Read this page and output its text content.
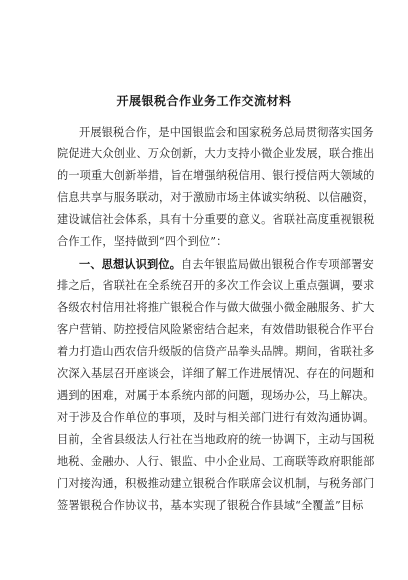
开展银税合作业务工作交流材料
开展银税合作，是中国银监会和国家税务总局贯彻落实国务
院促进大众创业、万众创新，大力支持小微企业发展，联合推出
的一项重大创新举措，旨在增强纳税信用、银行授信两大领域的
信息共享与服务联动，对于激励市场主体诚实纳税、以信融资，
建设诚信社会体系，具有十分重要的意义。省联社高度重视银税
合作工作，坚持做到“四个到位”：
一、思想认识到位。自去年银监局做出银税合作专项部署安
排之后，省联社在全系统召开的多次工作会议上重点强调，要求
各级农村信用社将推广银税合作与做大做强小微金融服务、扩大
客户营销、防控授信风险紧密结合起来，有效借助银税合作平台
着力打造山西农信升级版的信贷产品拳头品牌。期间，省联社多
次深入基层召开座谈会，详细了解工作进展情况、存在的问题和
遇到的困难，对属于本系统内部的问题，现场办公，马上解决。
对于涉及合作单位的事项，及时与相关部门进行有效沟通协调。
目前，全省县级法人行社在当地政府的统一协调下，主动与国税
地税、金融办、人行、银监、中小企业局、工商联等政府职能部
门对接沟通，积极推动建立银税合作联席会议机制，与税务部门
签署银税合作协议书，基本实现了银税合作县域“全覆盖”目标
